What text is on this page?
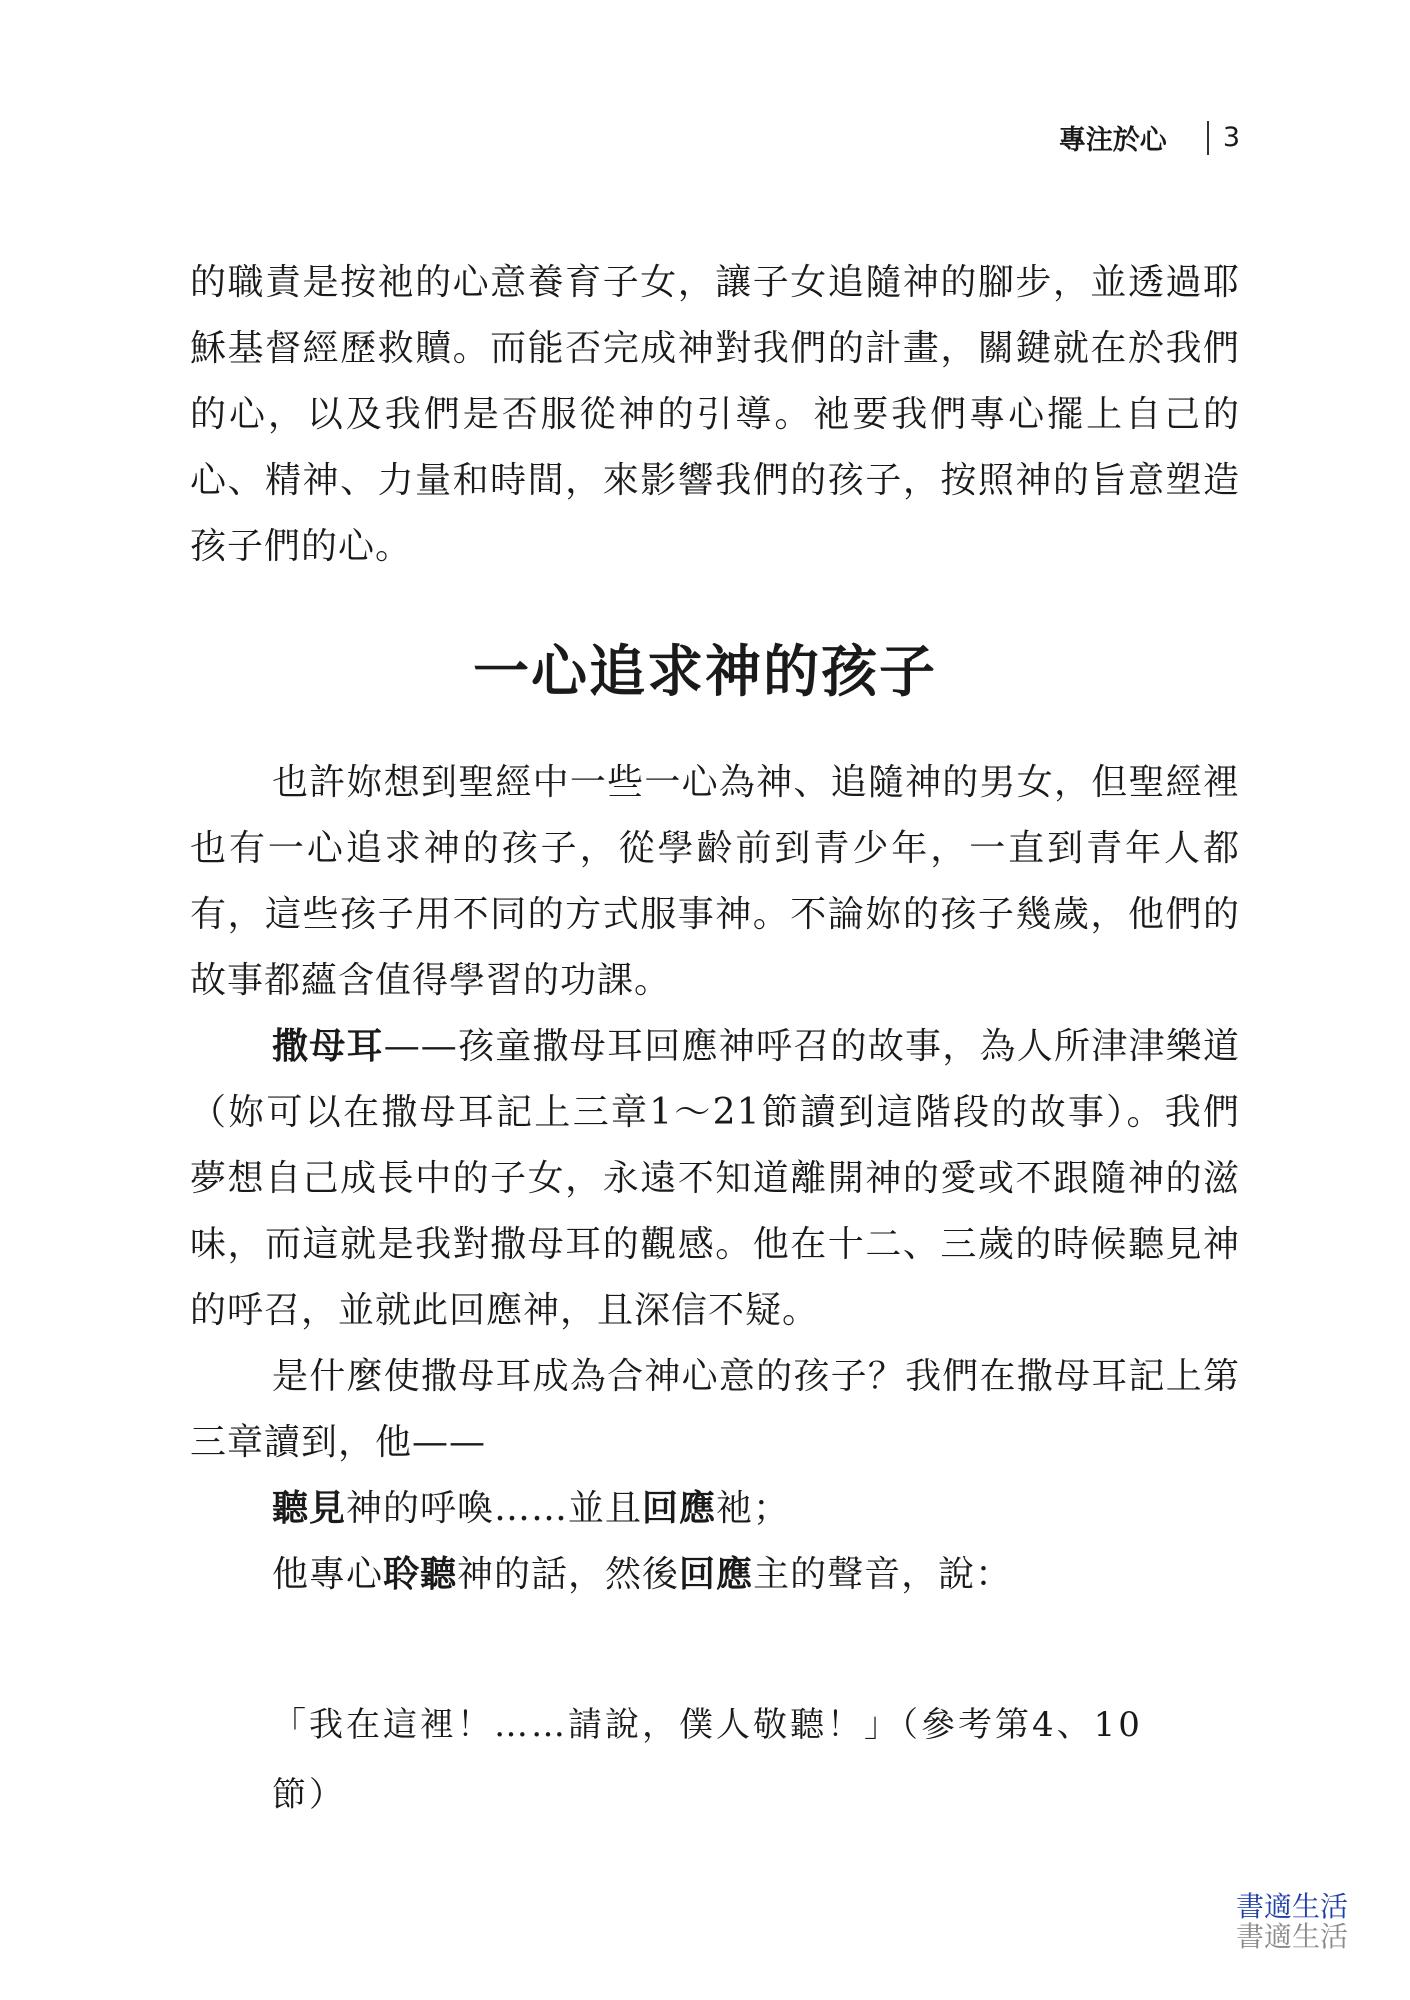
專注於心 3

的職責是按祂的心意養育子女，讓子女追隨神的腳步，並透過耶穌基督經歷救贖。而能否完成神對我們的計畫，關鍵就在於我們的心，以及我們是否服從神的引導。祂要我們專心擺上自己的心、精神、力量和時間，來影響我們的孩子，按照神的旨意塑造孩子們的心。

一心追求神的孩子

也許妳想到聖經中一些一心為神、追隨神的男女，但聖經裡也有一心追求神的孩子，從學齡前到青少年，一直到青年人都有，這些孩子用不同的方式服事神。不論妳的孩子幾歲，他們的故事都蘊含值得學習的功課。

撒母耳——孩童撒母耳回應神呼召的故事，為人所津津樂道（妳可以在撒母耳記上三章1～21節讀到這階段的故事）。我們夢想自己成長中的子女，永遠不知道離開神的愛或不跟隨神的滋味，而這就是我對撒母耳的觀感。他在十二、三歲的時候聽見神的呼召，並就此回應神，且深信不疑。

是什麼使撒母耳成為合神心意的孩子？我們在撒母耳記上第三章讀到，他——

聽見神的呼喚……並且回應祂；

他專心聆聽神的話，然後回應主的聲音，說：

「我在這裡！……請說，僕人敬聽！」（參考第4、10節）
書適生活
書適生活
